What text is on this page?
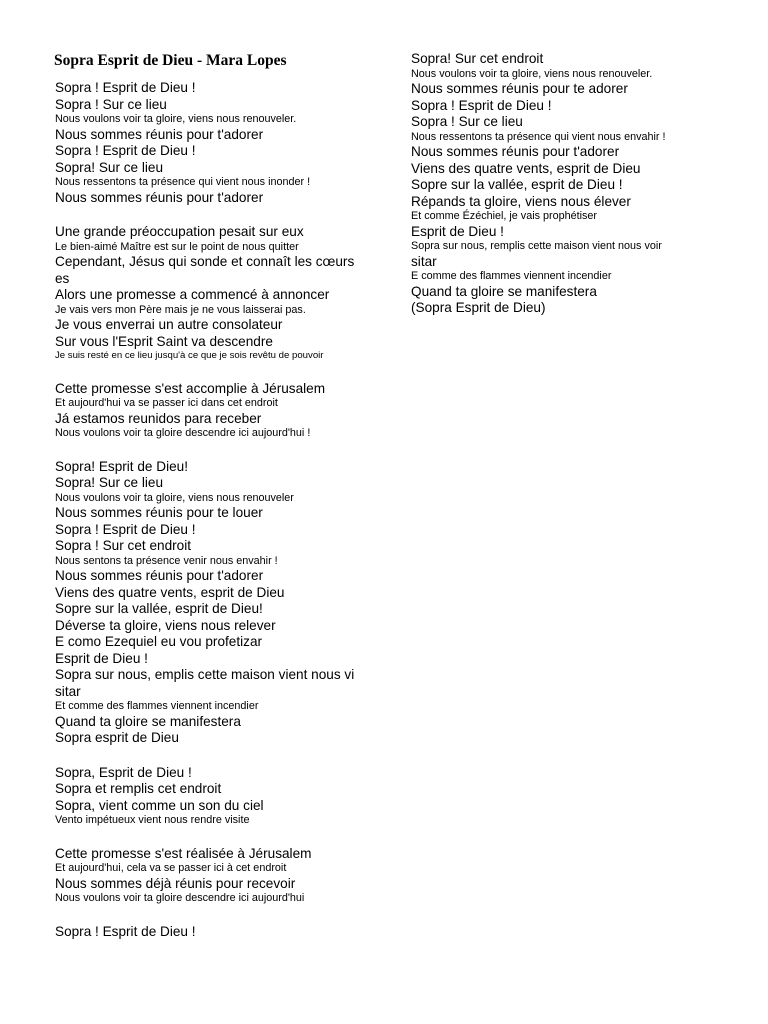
Sopra Esprit de Dieu - Mara Lopes
Sopra ! Esprit de Dieu !
Sopra ! Sur ce lieu
Nous voulons voir ta gloire, viens nous renouveler.
Nous sommes réunis pour t'adorer
Sopra ! Esprit de Dieu !
Sopra! Sur ce lieu
Nous ressentons ta présence qui vient nous inonder !
Nous sommes réunis pour t'adorer
Une grande préoccupation pesait sur eux
Le bien-aimé Maître est sur le point de nous quitter
Cependant, Jésus qui sonde et connaît les cœurs
es
Alors une promesse a commencé à annoncer
Je vais vers mon Père mais je ne vous laisserai pas.
Je vous enverrai un autre consolateur
Sur vous l'Esprit Saint va descendre
Je suis resté en ce lieu jusqu'à ce que je sois revêtu de pouvoir
Cette promesse s'est accomplie à Jérusalem
Et aujourd'hui va se passer ici dans cet endroit
Já estamos reunidos para receber
Nous voulons voir ta gloire descendre ici aujourd'hui !
Sopra! Esprit de Dieu!
Sopra! Sur ce lieu
Nous voulons voir ta gloire, viens nous renouveler
Nous sommes réunis pour te louer
Sopra ! Esprit de Dieu !
Sopra ! Sur cet endroit
Nous sentons ta présence venir nous envahir !
Nous sommes réunis pour t'adorer
Viens des quatre vents, esprit de Dieu
Sopre sur la vallée, esprit de Dieu!
Déverse ta gloire, viens nous relever
E como Ezequiel eu vou profetizar
Esprit de Dieu !
Sopra sur nous, emplis cette maison vient nous vi
sitar
Et comme des flammes viennent incendier
Quand ta gloire se manifestera
Sopra esprit de Dieu
Sopra, Esprit de Dieu !
Sopra et remplis cet endroit
Sopra, vient comme un son du ciel
Vento impétueux vient nous rendre visite
Cette promesse s'est réalisée à Jérusalem
Et aujourd'hui, cela va se passer ici à cet endroit
Nous sommes déjà réunis pour recevoir
Nous voulons voir ta gloire descendre ici aujourd'hui
Sopra ! Esprit de Dieu !
Sopra! Sur cet endroit
Nous voulons voir ta gloire, viens nous renouveler.
Nous sommes réunis pour te adorer
Sopra ! Esprit de Dieu !
Sopra ! Sur ce lieu
Nous ressentons ta présence qui vient nous envahir !
Nous sommes réunis pour t'adorer
Viens des quatre vents, esprit de Dieu
Sopre sur la vallée, esprit de Dieu !
Répands ta gloire, viens nous élever
Et comme Ézéchiel, je vais prophétiser
Esprit de Dieu !
Sopra sur nous, remplis cette maison vient nous voir
sitar
E comme des flammes viennent incendier
Quand ta gloire se manifestera
(Sopra Esprit de Dieu)
